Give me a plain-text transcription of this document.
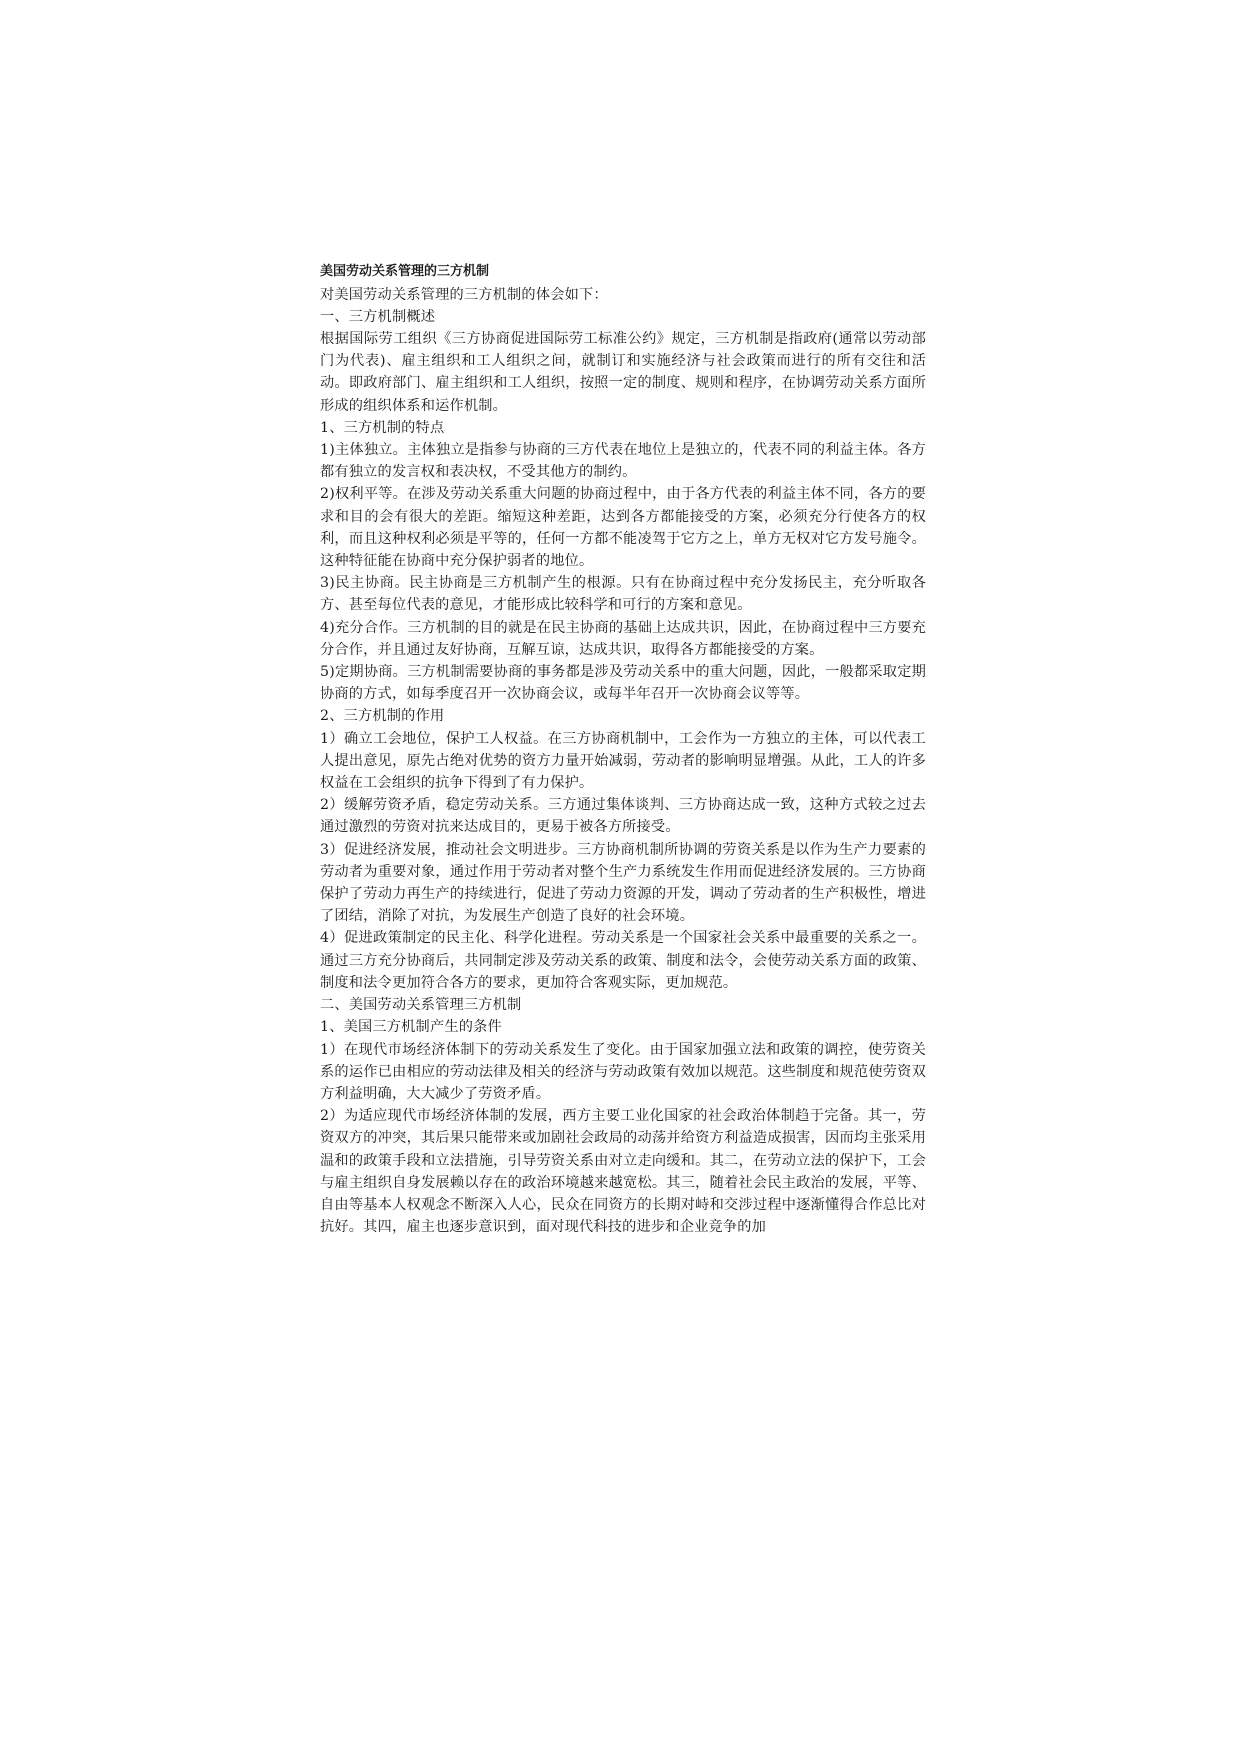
美国劳动关系管理的三方机制
对美国劳动关系管理的三方机制的体会如下：
一、三方机制概述
根据国际劳工组织《三方协商促进国际劳工标准公约》规定，三方机制是指政府(通常以劳动部门为代表)、雇主组织和工人组织之间，就制订和实施经济与社会政策而进行的所有交往和活动。即政府部门、雇主组织和工人组织，按照一定的制度、规则和程序，在协调劳动关系方面所形成的组织体系和运作机制。
1、三方机制的特点
1)主体独立。主体独立是指参与协商的三方代表在地位上是独立的，代表不同的利益主体。各方都有独立的发言权和表决权，不受其他方的制约。
2)权利平等。在涉及劳动关系重大问题的协商过程中，由于各方代表的利益主体不同，各方的要求和目的会有很大的差距。缩短这种差距，达到各方都能接受的方案，必须充分行使各方的权利，而且这种权利必须是平等的，任何一方都不能凌驾于它方之上，单方无权对它方发号施令。这种特征能在协商中充分保护弱者的地位。
3)民主协商。民主协商是三方机制产生的根源。只有在协商过程中充分发扬民主，充分听取各方、甚至每位代表的意见，才能形成比较科学和可行的方案和意见。
4)充分合作。三方机制的目的就是在民主协商的基础上达成共识，因此，在协商过程中三方要充分合作，并且通过友好协商，互解互谅，达成共识，取得各方都能接受的方案。
5)定期协商。三方机制需要协商的事务都是涉及劳动关系中的重大问题，因此，一般都采取定期协商的方式，如每季度召开一次协商会议，或每半年召开一次协商会议等等。
2、三方机制的作用
1）确立工会地位，保护工人权益。在三方协商机制中，工会作为一方独立的主体，可以代表工人提出意见，原先占绝对优势的资方力量开始减弱，劳动者的影响明显增强。从此，工人的许多权益在工会组织的抗争下得到了有力保护。
2）缓解劳资矛盾，稳定劳动关系。三方通过集体谈判、三方协商达成一致，这种方式较之过去通过激烈的劳资对抗来达成目的，更易于被各方所接受。
3）促进经济发展，推动社会文明进步。三方协商机制所协调的劳资关系是以作为生产力要素的劳动者为重要对象，通过作用于劳动者对整个生产力系统发生作用而促进经济发展的。三方协商保护了劳动力再生产的持续进行，促进了劳动力资源的开发，调动了劳动者的生产积极性，增进了团结，消除了对抗，为发展生产创造了良好的社会环境。
4）促进政策制定的民主化、科学化进程。劳动关系是一个国家社会关系中最重要的关系之一。通过三方充分协商后，共同制定涉及劳动关系的政策、制度和法令，会使劳动关系方面的政策、制度和法令更加符合各方的要求，更加符合客观实际，更加规范。
二、美国劳动关系管理三方机制
1、美国三方机制产生的条件
1）在现代市场经济体制下的劳动关系发生了变化。由于国家加强立法和政策的调控，使劳资关系的运作已由相应的劳动法律及相关的经济与劳动政策有效加以规范。这些制度和规范使劳资双方利益明确，大大减少了劳资矛盾。
2）为适应现代市场经济体制的发展，西方主要工业化国家的社会政治体制趋于完备。其一，劳资双方的冲突，其后果只能带来或加剧社会政局的动荡并给资方利益造成损害，因而均主张采用温和的政策手段和立法措施，引导劳资关系由对立走向缓和。其二，在劳动立法的保护下，工会与雇主组织自身发展赖以存在的政治环境越来越宽松。其三，随着社会民主政治的发展，平等、自由等基本人权观念不断深入人心，民众在同资方的长期对峙和交涉过程中逐渐懂得合作总比对抗好。其四，雇主也逐步意识到，面对现代科技的进步和企业竞争的加
